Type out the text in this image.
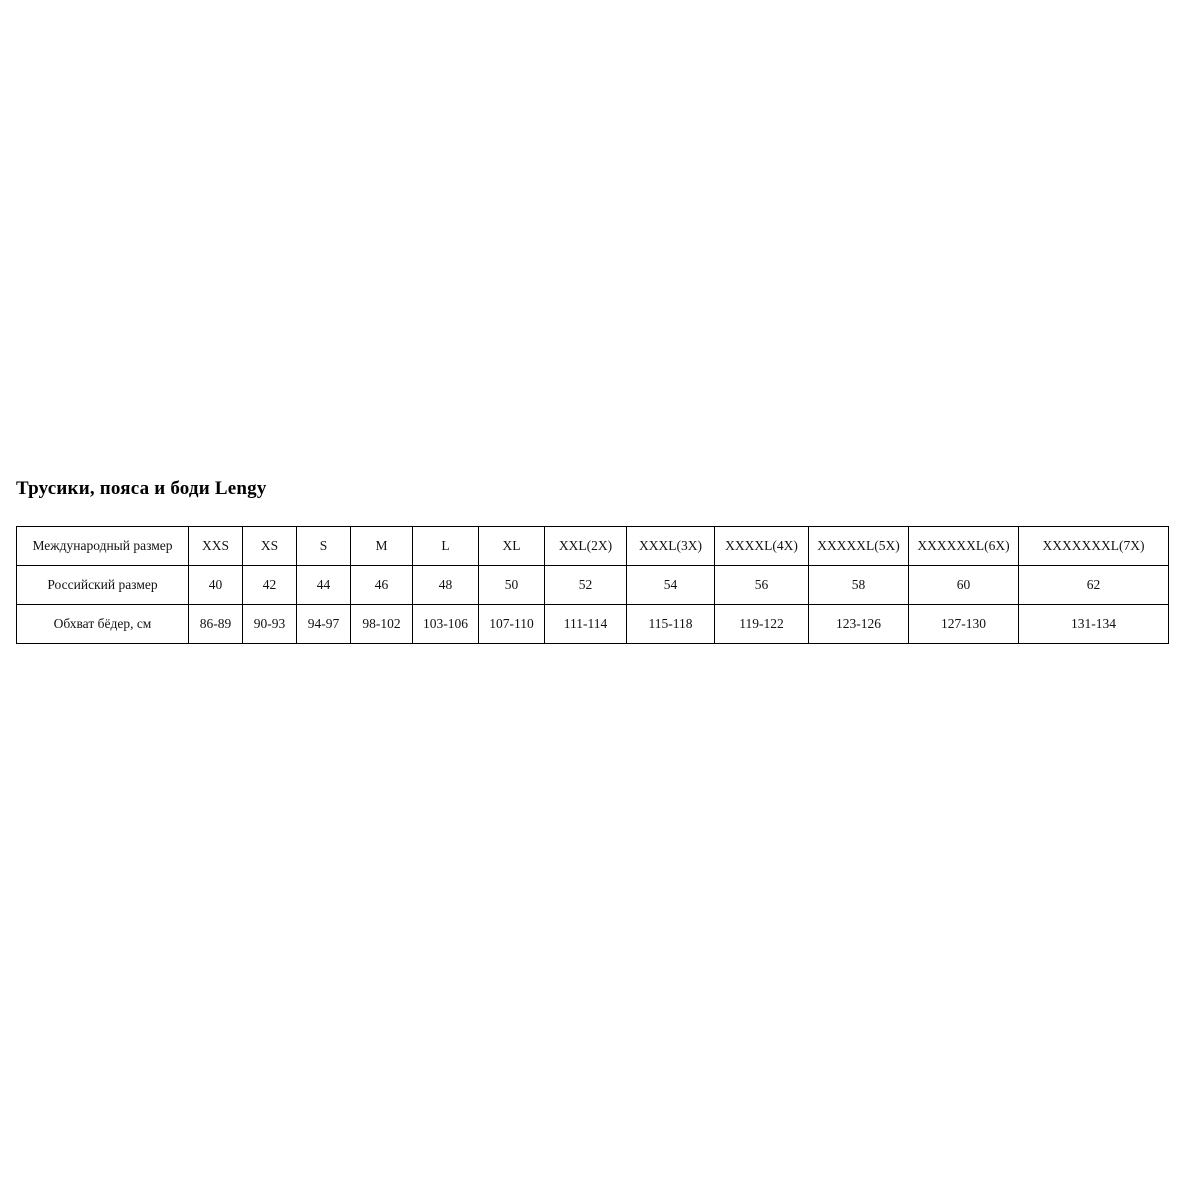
Трусики, пояса и боди Lengy
Международный размер	XXS	XS	S	M	L	XL	XXL(2X)	XXXL(3X)	XXXXL(4X)	XXXXXL(5X)	XXXXXXL(6X)	XXXXXXXL(7X)
Российский размер	40	42	44	46	48	50	52	54	56	58	60	62
Обхват бёдер, см	86-89	90-93	94-97	98-102	103-106	107-110	111-114	115-118	119-122	123-126	127-130	131-134
